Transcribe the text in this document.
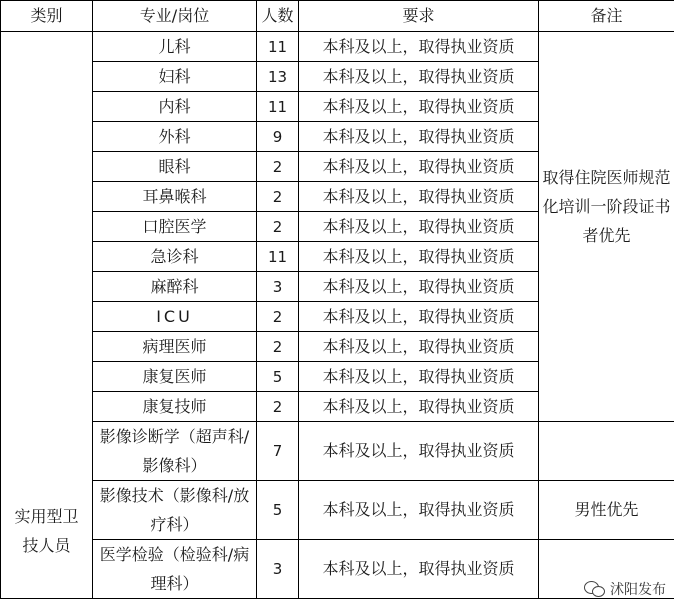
类别	专业/岗位	人数	要求	备注
实用型卫技人员	儿科	11	本科及以上，取得执业资质	取得住院医师规范化培训一阶段证书者优先
	妇科	13	本科及以上，取得执业资质	
	内科	11	本科及以上，取得执业资质	
	外科	9	本科及以上，取得执业资质	
	眼科	2	本科及以上，取得执业资质	
	耳鼻喉科	2	本科及以上，取得执业资质	
	口腔医学	2	本科及以上，取得执业资质	
	急诊科	11	本科及以上，取得执业资质	
	麻醉科	3	本科及以上，取得执业资质	
	ICU	2	本科及以上，取得执业资质	
	病理医师	2	本科及以上，取得执业资质	
	康复医师	5	本科及以上，取得执业资质	
	康复技师	2	本科及以上，取得执业资质	
	影像诊断学（超声科/影像科）	7	本科及以上，取得执业资质	
	影像技术（影像科/放疗科）	5	本科及以上，取得执业资质	男性优先
	医学检验（检验科/病理科）	3	本科及以上，取得执业资质	
沭阳发布
